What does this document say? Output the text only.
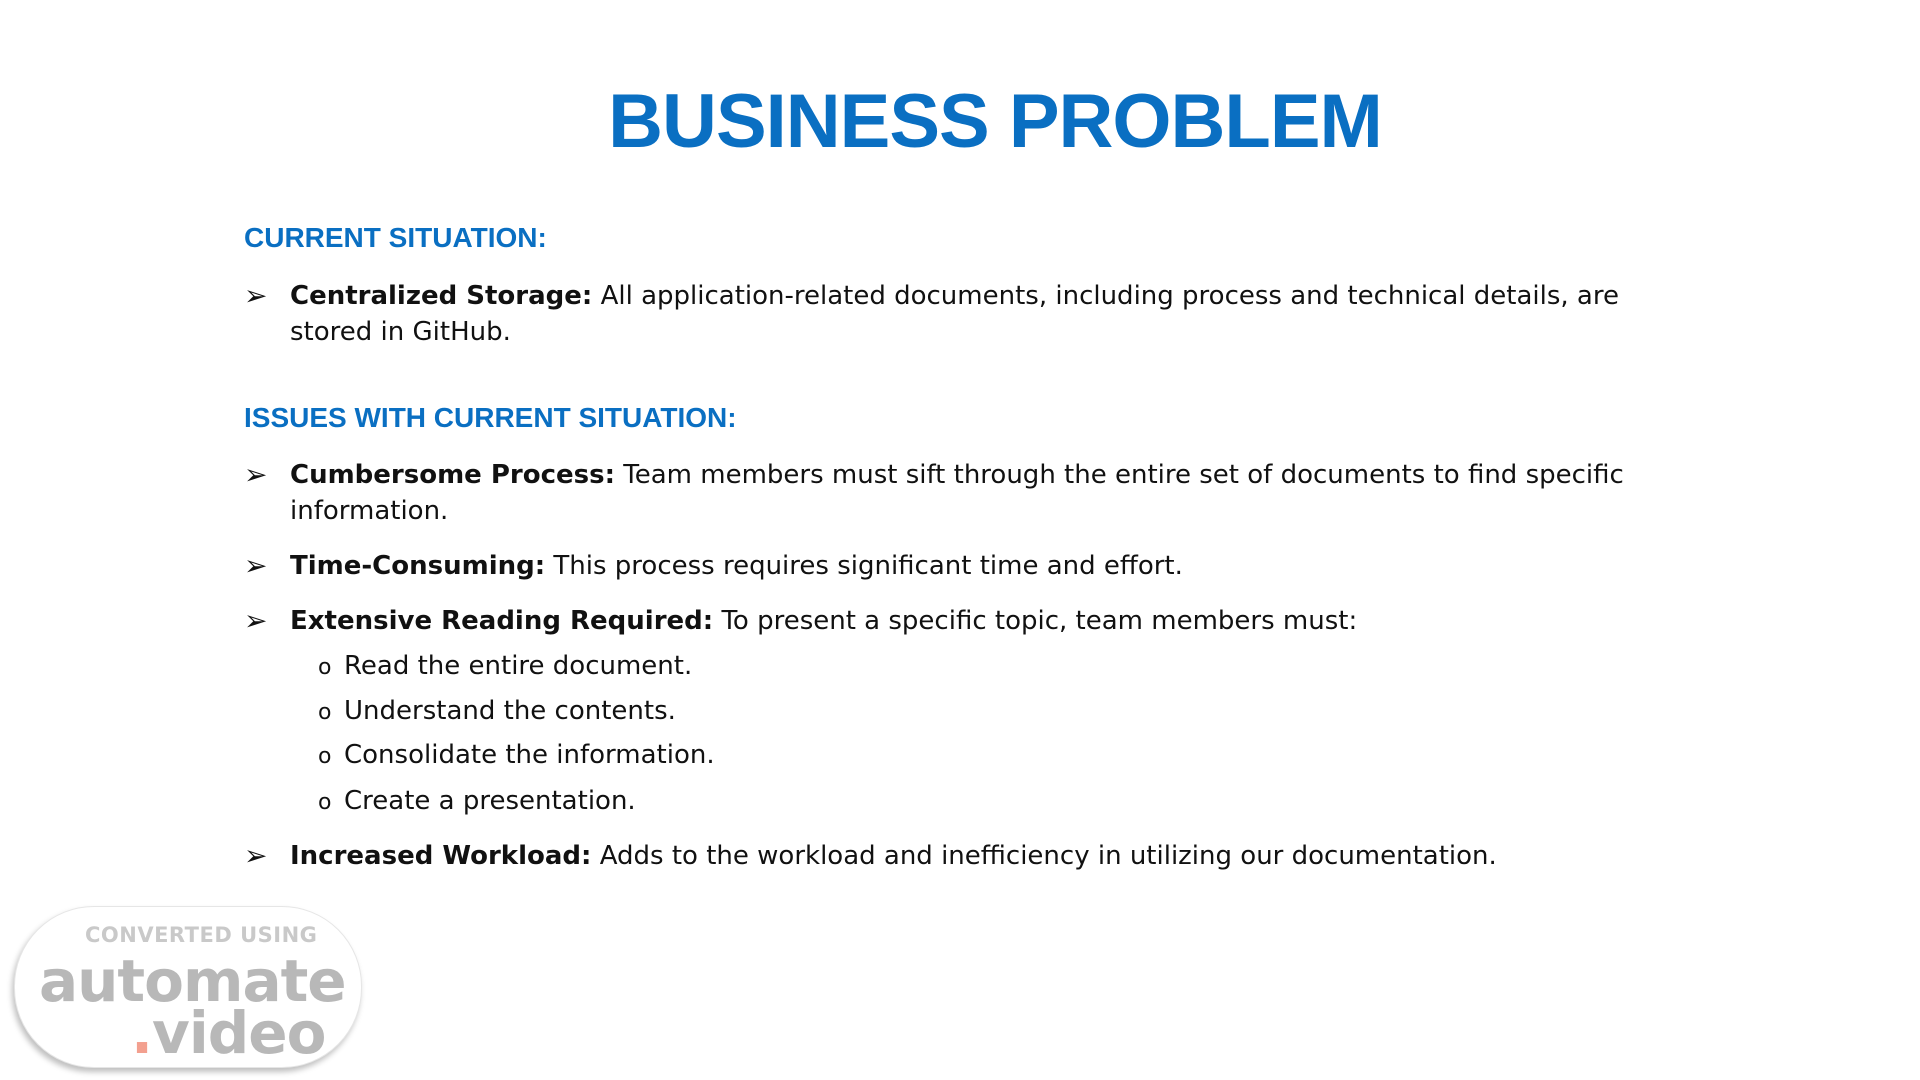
BUSINESS PROBLEM
CURRENT SITUATION:
➢ Centralized Storage: All application-related documents, including process and technical details, are stored in GitHub.
ISSUES WITH CURRENT SITUATION:
➢ Cumbersome Process: Team members must sift through the entire set of documents to find specific information.
➢ Time-Consuming: This process requires significant time and effort.
➢ Extensive Reading Required: To present a specific topic, team members must:
o Read the entire document.
o Understand the contents.
o Consolidate the information.
o Create a presentation.
➢ Increased Workload: Adds to the workload and inefficiency in utilizing our documentation.
CONVERTED USING
automate
.video
